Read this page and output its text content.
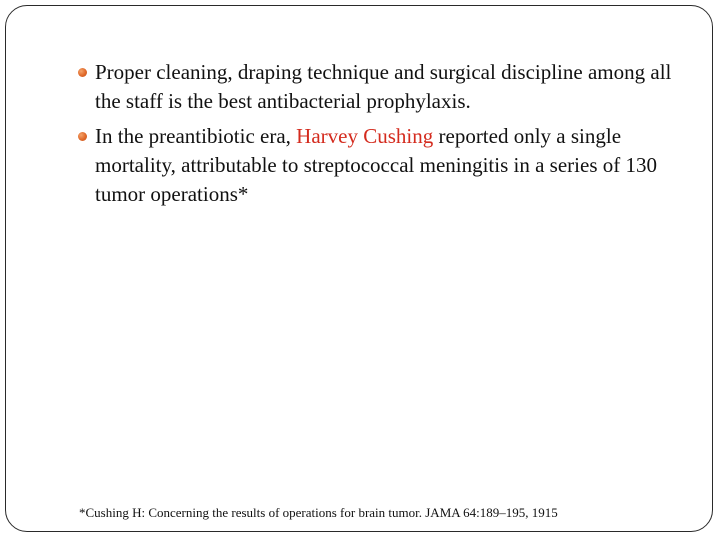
Proper cleaning, draping technique and surgical discipline among all the staff is the best antibacterial prophylaxis.
In the preantibiotic era, Harvey Cushing reported only a single mortality, attributable to streptococcal meningitis in a series of 130 tumor operations*
*Cushing H: Concerning the results of operations for brain tumor. JAMA 64:189–195, 1915
